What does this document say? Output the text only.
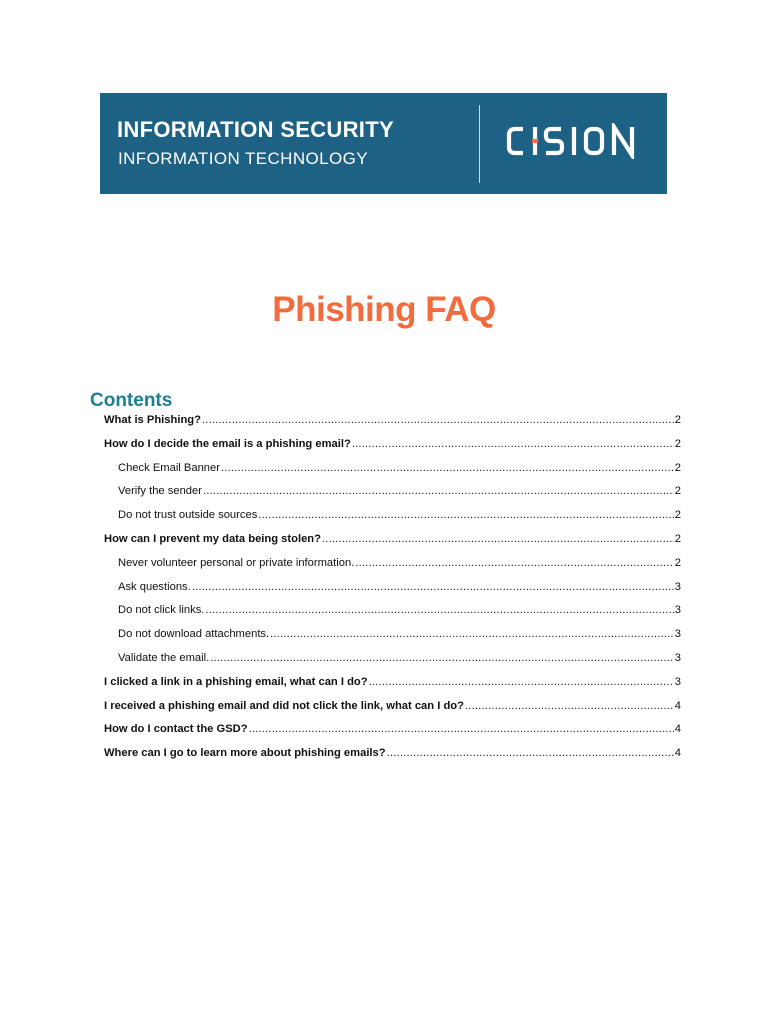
INFORMATION SECURITY
INFORMATION TECHNOLOGY
Phishing FAQ
Contents
What is Phishing? .....	2
How do I decide the email is a phishing email? .....	2
Check Email Banner .....	2
Verify the sender .....	2
Do not trust outside sources .....	2
How can I prevent my data being stolen? .....	2
Never volunteer personal or private information. .....	2
Ask questions. .....	3
Do not click links. .....	3
Do not download attachments. .....	3
Validate the email. .....	3
I clicked a link in a phishing email, what can I do? .....	3
I received a phishing email and did not click the link, what can I do? .....	4
How do I contact the GSD? .....	4
Where can I go to learn more about phishing emails? .....	4
